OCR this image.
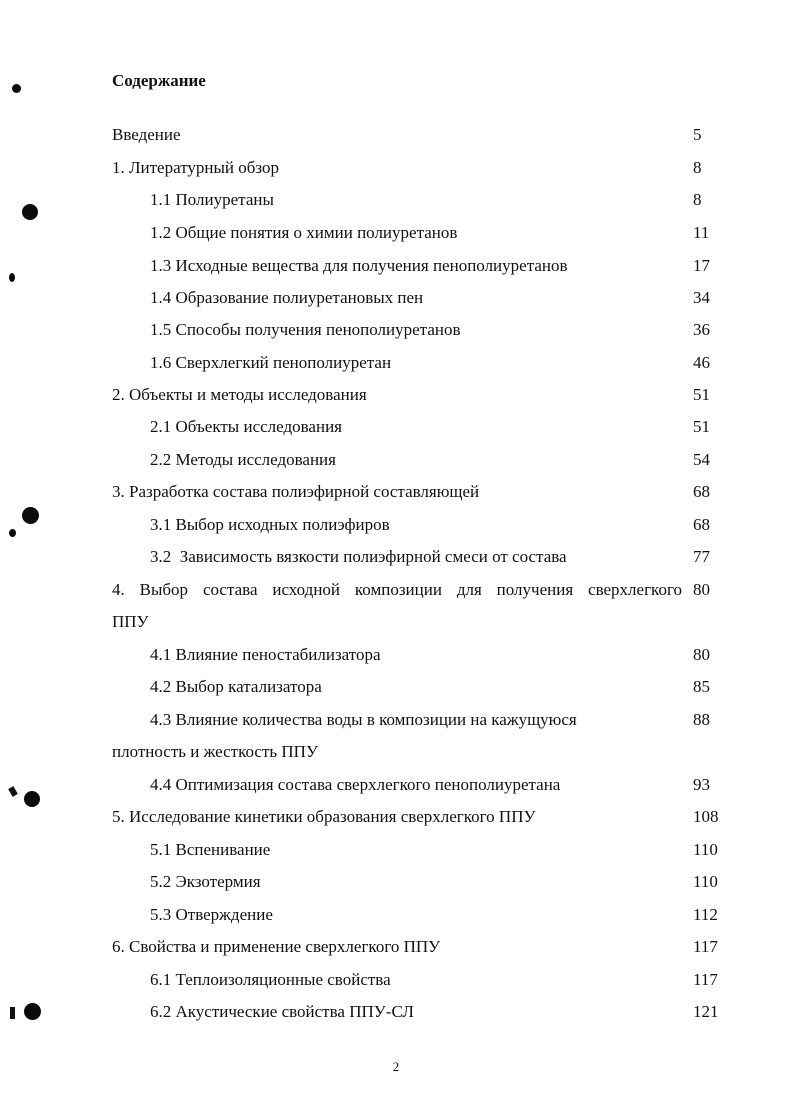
Содержание
Введение	5
1. Литературный обзор	8
1.1 Полиуретаны	8
1.2 Общие понятия о химии полиуретанов	11
1.3 Исходные вещества для получения пенополиуретанов	17
1.4 Образование полиуретановых пен	34
1.5 Способы получения пенополиуретанов	36
1.6 Сверхлегкий пенополиуретан	46
2. Объекты и методы исследования	51
2.1 Объекты исследования	51
2.2 Методы исследования	54
3. Разработка состава полиэфирной составляющей	68
3.1 Выбор исходных полиэфиров	68
3.2  Зависимость вязкости полиэфирной смеси от состава	77
4. Выбор состава исходной композиции для получения сверхлегкого 80
ППУ
4.1 Влияние пеностабилизатора	80
4.2 Выбор катализатора	85
4.3 Влияние количества воды в композиции на кажущуюся	88
плотность и жесткость ППУ
4.4 Оптимизация состава сверхлегкого пенополиуретана	93
5. Исследование кинетики образования сверхлегкого ППУ	108
5.1 Вспенивание	110
5.2 Экзотермия	110
5.3 Отверждение	112
6. Свойства и применение сверхлегкого ППУ	117
6.1 Теплоизоляционные свойства	117
6.2 Акустические свойства ППУ-СЛ	121
2
